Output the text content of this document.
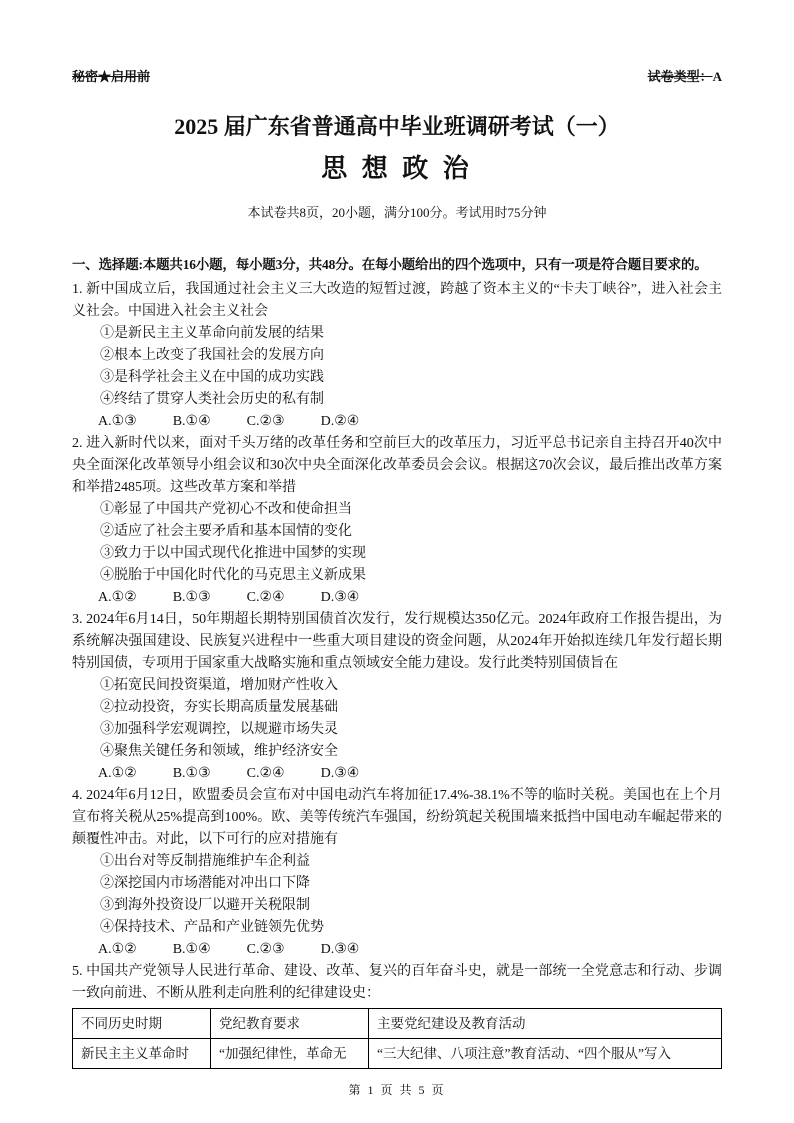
秘密★启用前	试卷类型：A
2025 届广东省普通高中毕业班调研考试（一）
思 想 政 治
本试卷共8页，20小题，满分100分。考试用时75分钟
一、选择题:本题共16小题，每小题3分，共48分。在每小题给出的四个选项中，只有一项是符合题目要求的。

1. 新中国成立后，我国通过社会主义三大改造的短暂过渡，跨越了资本主义的“卡夫丁峡谷”，进入社会主义社会。中国进入社会主义社会

①是新民主主义革命向前发展的结果

②根本上改变了我国社会的发展方向

③是科学社会主义在中国的成功实践

④终结了贯穿人类社会历史的私有制

A.①③	B.①④	C.②③	D.②④

2. 进入新时代以来，面对千头万绪的改革任务和空前巨大的改革压力，习近平总书记亲自主持召开40次中央全面深化改革领导小组会议和30次中央全面深化改革委员会会议。根据这70次会议，最后推出改革方案和举措2485项。这些改革方案和举措

①彰显了中国共产党初心不改和使命担当

②适应了社会主要矛盾和基本国情的变化

③致力于以中国式现代化推进中国梦的实现

④脱胎于中国化时代化的马克思主义新成果

A.①②	B.①③	C.②④	D.③④

3. 2024年6月14日，50年期超长期特别国债首次发行，发行规模达350亿元。2024年政府工作报告提出，为系统解决强国建设、民族复兴进程中一些重大项目建设的资金问题，从2024年开始拟连续几年发行超长期特别国债，专项用于国家重大战略实施和重点领域安全能力建设。发行此类特别国债旨在

①拓宽民间投资渠道，增加财产性收入

②拉动投资，夯实长期高质量发展基础

③加强科学宏观调控，以规避市场失灵

④聚焦关键任务和领域，维护经济安全

A.①②	B.①③	C.②④	D.③④

4. 2024年6月12日，欧盟委员会宣布对中国电动汽车将加征17.4%-38.1%不等的临时关税。美国也在上个月宣布将关税从25%提高到100%。欧、美等传统汽车强国，纷纷筑起关税围墙来抵挡中国电动车崛起带来的颠覆性冲击。对此，以下可行的应对措施有

①出台对等反制措施维护车企利益

②深挖国内市场潜能对冲出口下降

③到海外投资设厂以避开关税限制

④保持技术、产品和产业链领先优势

A.①②	B.①④	C.②③	D.③④

5. 中国共产党领导人民进行革命、建设、改革、复兴的百年奋斗史，就是一部统一全党意志和行动、步调一致向前进、不断从胜利走向胜利的纪律建设史：

不同历史时期	党纪教育要求	主要党纪建设及教育活动
新民主主义革命时	“加强纪律性，革命无	“三大纪律、八项注意”教育活动、“四个服从”写入
第 1 页 共 5 页
